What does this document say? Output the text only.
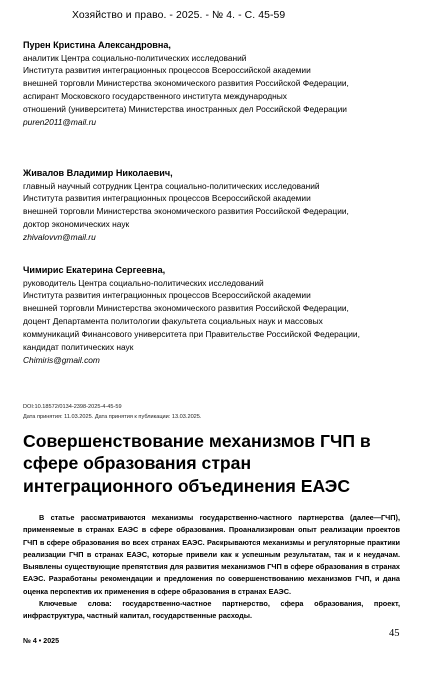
Хозяйство и право. - 2025. - № 4. - С. 45-59
Пурен Кристина Александровна,
аналитик Центра социально-политических исследований
Института развития интеграционных процессов Всероссийской академии
внешней торговли Министерства экономического развития Российской Федерации,
аспирант Московского государственного института международных
отношений (университета) Министерства иностранных дел Российской Федерации
puren2011@mail.ru
Живалов Владимир Николаевич,
главный научный сотрудник Центра социально-политических исследований
Института развития интеграционных процессов Всероссийской академии
внешней торговли Министерства экономического развития Российской Федерации,
доктор экономических наук
zhivalovvn@mail.ru
Чимирис Екатерина Сергеевна,
руководитель Центра социально-политических исследований
Института развития интеграционных процессов Всероссийской академии
внешней торговли Министерства экономического развития Российской Федерации,
доцент Департамента политологии факультета социальных наук и массовых
коммуникаций Финансового университета при Правительстве Российской Федерации,
кандидат политических наук
Chimiris@gmail.com
DOI:10.18572/0134-2398-2025-4-45-59
Дата принятия: 11.03.2025. Дата принятия к публикации: 13.03.2025.
Совершенствование механизмов ГЧП в сфере образования стран интеграционного объединения ЕАЭС

В статье рассматриваются механизмы государственно-частного партнерства (далее—ГЧП), применяемые в странах ЕАЭС в сфере образования. Проанализирован опыт реализации проектов ГЧП в сфере образования во всех странах ЕАЭС. Раскрываются механизмы и регуляторные практики реализации ГЧП в странах ЕАЭС, которые привели как к успешным результатам, так и к неудачам. Выявлены существующие препятствия для развития механизмов ГЧП в сфере образования в странах ЕАЭС. Разработаны рекомендации и предложения по совершенствованию механизмов ГЧП, и дана оценка перспектив их применения в сфере образования в странах ЕАЭС.

Ключевые слова: государственно-частное партнерство, сфера образования, проект, инфраструктура, частный капитал, государственные расходы.

№ 4 • 2025
45
